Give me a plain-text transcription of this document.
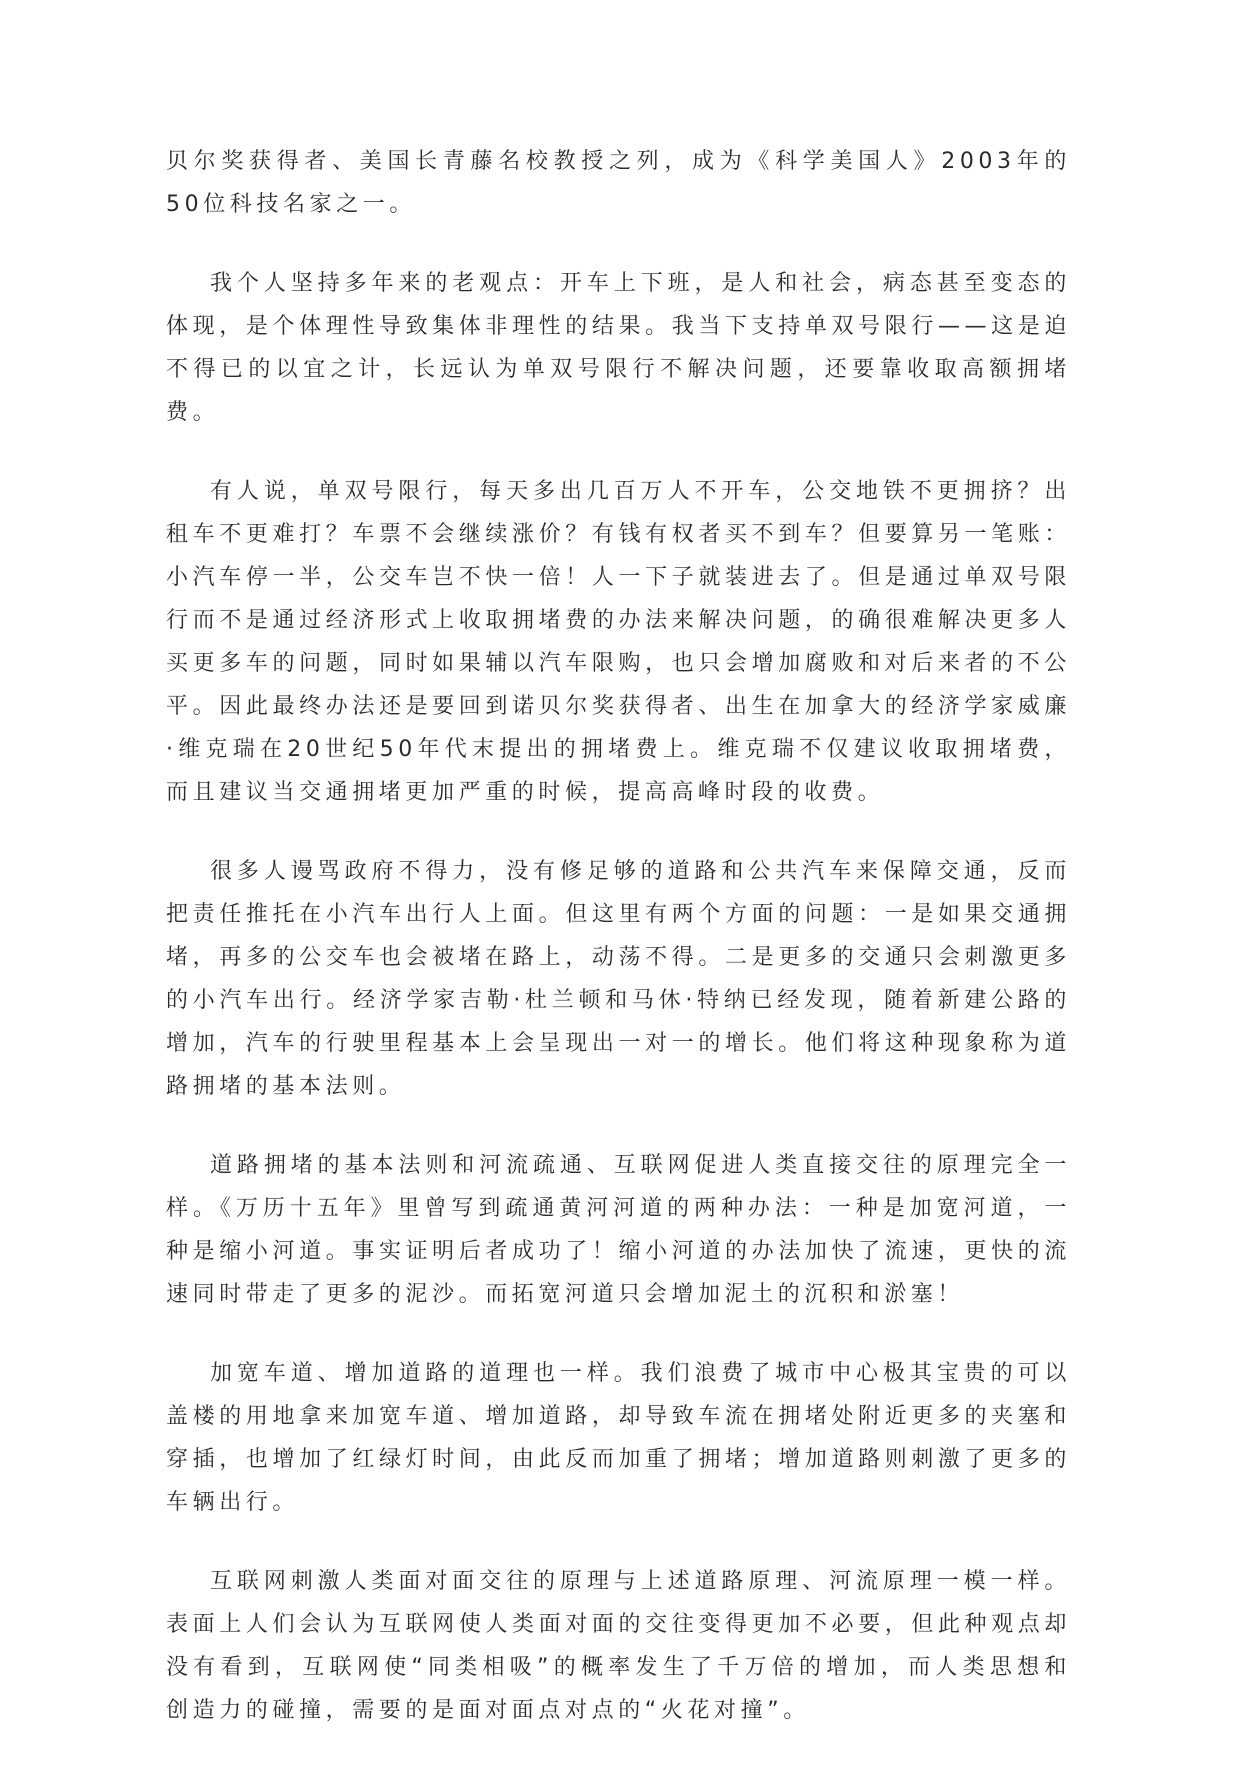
贝尔奖获得者、美国长青藤名校教授之列，成为《科学美国人》2003年的50位科技名家之一。

我个人坚持多年来的老观点：开车上下班，是人和社会，病态甚至变态的体现，是个体理性导致集体非理性的结果。我当下支持单双号限行——这是迫不得已的以宜之计，长远认为单双号限行不解决问题，还要靠收取高额拥堵费。

有人说，单双号限行，每天多出几百万人不开车，公交地铁不更拥挤？出租车不更难打？车票不会继续涨价？有钱有权者买不到车？但要算另一笔账：小汽车停一半，公交车岂不快一倍！人一下子就装进去了。但是通过单双号限行而不是通过经济形式上收取拥堵费的办法来解决问题，的确很难解决更多人买更多车的问题，同时如果辅以汽车限购，也只会增加腐败和对后来者的不公平。因此最终办法还是要回到诺贝尔奖获得者、出生在加拿大的经济学家威廉·维克瑞在20世纪50年代末提出的拥堵费上。维克瑞不仅建议收取拥堵费，而且建议当交通拥堵更加严重的时候，提高高峰时段的收费。

很多人谩骂政府不得力，没有修足够的道路和公共汽车来保障交通，反而把责任推托在小汽车出行人上面。但这里有两个方面的问题：一是如果交通拥堵，再多的公交车也会被堵在路上，动荡不得。二是更多的交通只会刺激更多的小汽车出行。经济学家吉勒·杜兰顿和马休·特纳已经发现，随着新建公路的增加，汽车的行驶里程基本上会呈现出一对一的增长。他们将这种现象称为道路拥堵的基本法则。

道路拥堵的基本法则和河流疏通、互联网促进人类直接交往的原理完全一样。《万历十五年》里曾写到疏通黄河河道的两种办法：一种是加宽河道，一种是缩小河道。事实证明后者成功了！缩小河道的办法加快了流速，更快的流速同时带走了更多的泥沙。而拓宽河道只会增加泥土的沉积和淤塞！

加宽车道、增加道路的道理也一样。我们浪费了城市中心极其宝贵的可以盖楼的用地拿来加宽车道、增加道路，却导致车流在拥堵处附近更多的夹塞和穿插，也增加了红绿灯时间，由此反而加重了拥堵；增加道路则刺激了更多的车辆出行。

互联网刺激人类面对面交往的原理与上述道路原理、河流原理一模一样。表面上人们会认为互联网使人类面对面的交往变得更加不必要，但此种观点却没有看到，互联网使“同类相吸”的概率发生了千万倍的增加，而人类思想和创造力的碰撞，需要的是面对面点对点的“火花对撞”。
